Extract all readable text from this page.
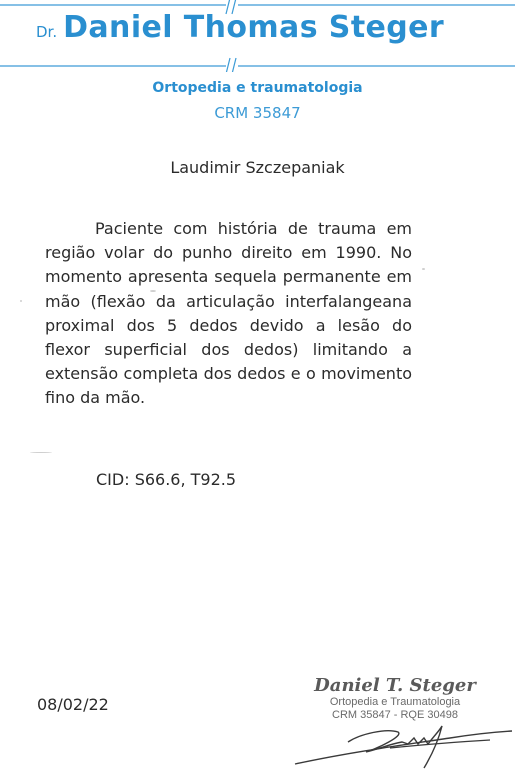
Dr. Daniel Thomas Steger
Ortopedia e traumatologia
CRM 35847
Laudimir Szczepaniak
Paciente com história de trauma em região volar do punho direito em 1990. No momento apresenta sequela permanente em mão (flexão da articulação interfalangeana proximal dos 5 dedos devido a lesão do flexor superficial dos dedos) limitando a extensão completa dos dedos e o movimento fino da mão.
CID: S66.6, T92.5
08/02/22
Daniel T. Steger
Ortopedia e Traumatologia
CRM 35847 - RQE 30498
